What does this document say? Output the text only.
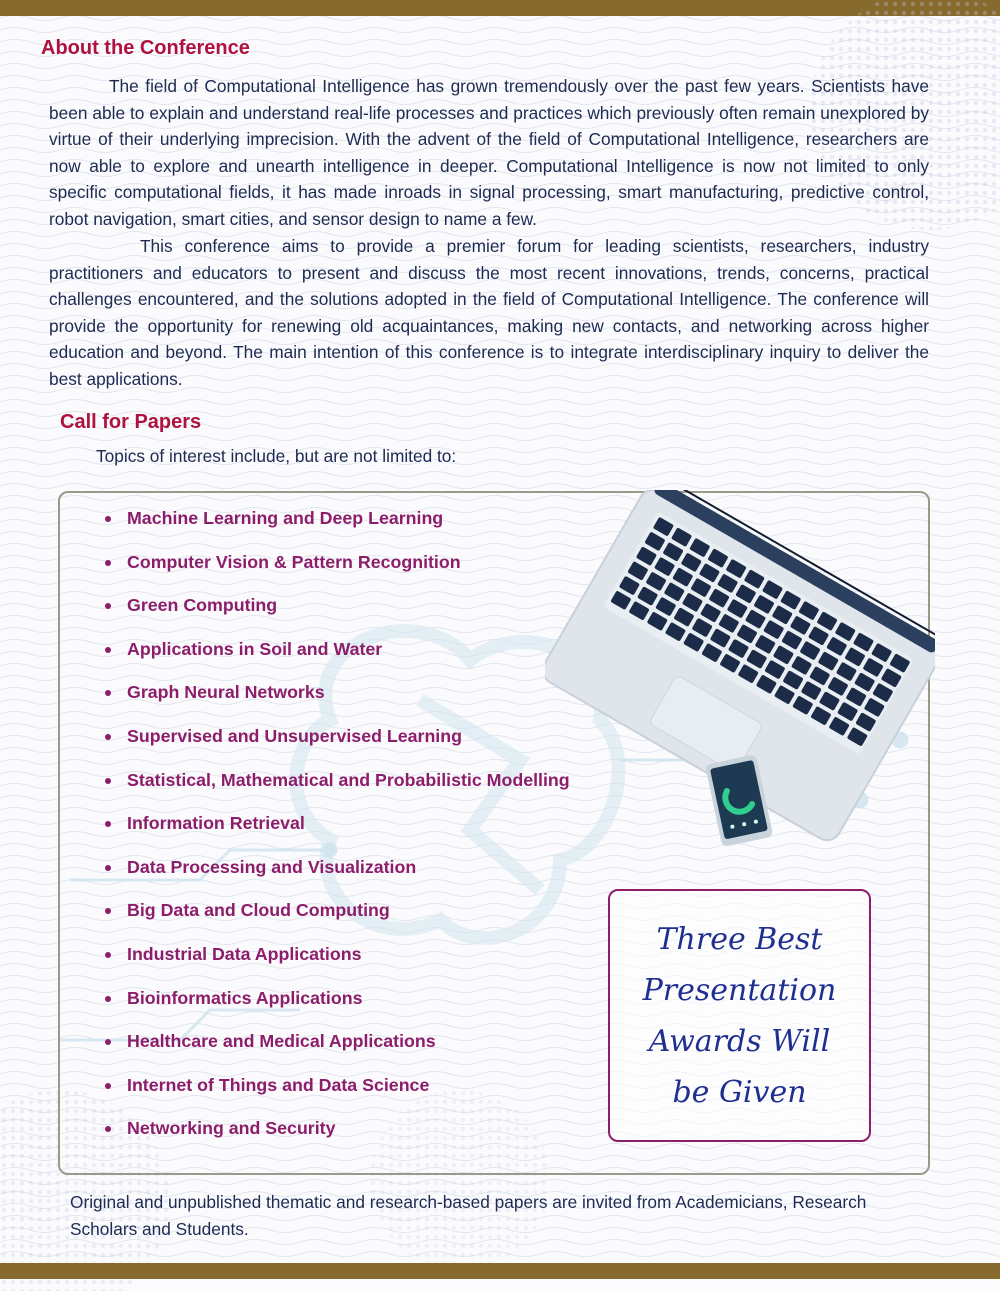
About the Conference

The field of Computational Intelligence has grown tremendously over the past few years. Scientists have been able to explain and understand real-life processes and practices which previously often remain unexplored by virtue of their underlying imprecision. With the advent of the field of Computational Intelligence, researchers are now able to explore and unearth intelligence in deeper. Computational Intelligence is now not limited to only specific computational fields, it has made inroads in signal processing, smart manufacturing, predictive control, robot navigation, smart cities, and sensor design to name a few.

This conference aims to provide a premier forum for leading scientists, researchers, industry practitioners and educators to present and discuss the most recent innovations, trends, concerns, practical challenges encountered, and the solutions adopted in the field of Computational Intelligence. The conference will provide the opportunity for renewing old acquaintances, making new contacts, and networking across higher education and beyond. The main intention of this conference is to integrate interdisciplinary inquiry to deliver the best applications.

Call for Papers

Topics of interest include, but are not limited to:

Machine Learning and Deep Learning
Computer Vision & Pattern Recognition
Green Computing
Applications in Soil and Water
Graph Neural Networks
Supervised and Unsupervised Learning
Statistical, Mathematical and Probabilistic Modelling
Information Retrieval
Data Processing and Visualization
Big Data and Cloud Computing
Industrial Data Applications
Bioinformatics Applications
Healthcare and Medical Applications
Internet of Things and Data Science
Networking and Security
Three Best Presentation Awards Will be Given

Original and unpublished thematic and research-based papers are invited from Academicians, Research Scholars and Students.
